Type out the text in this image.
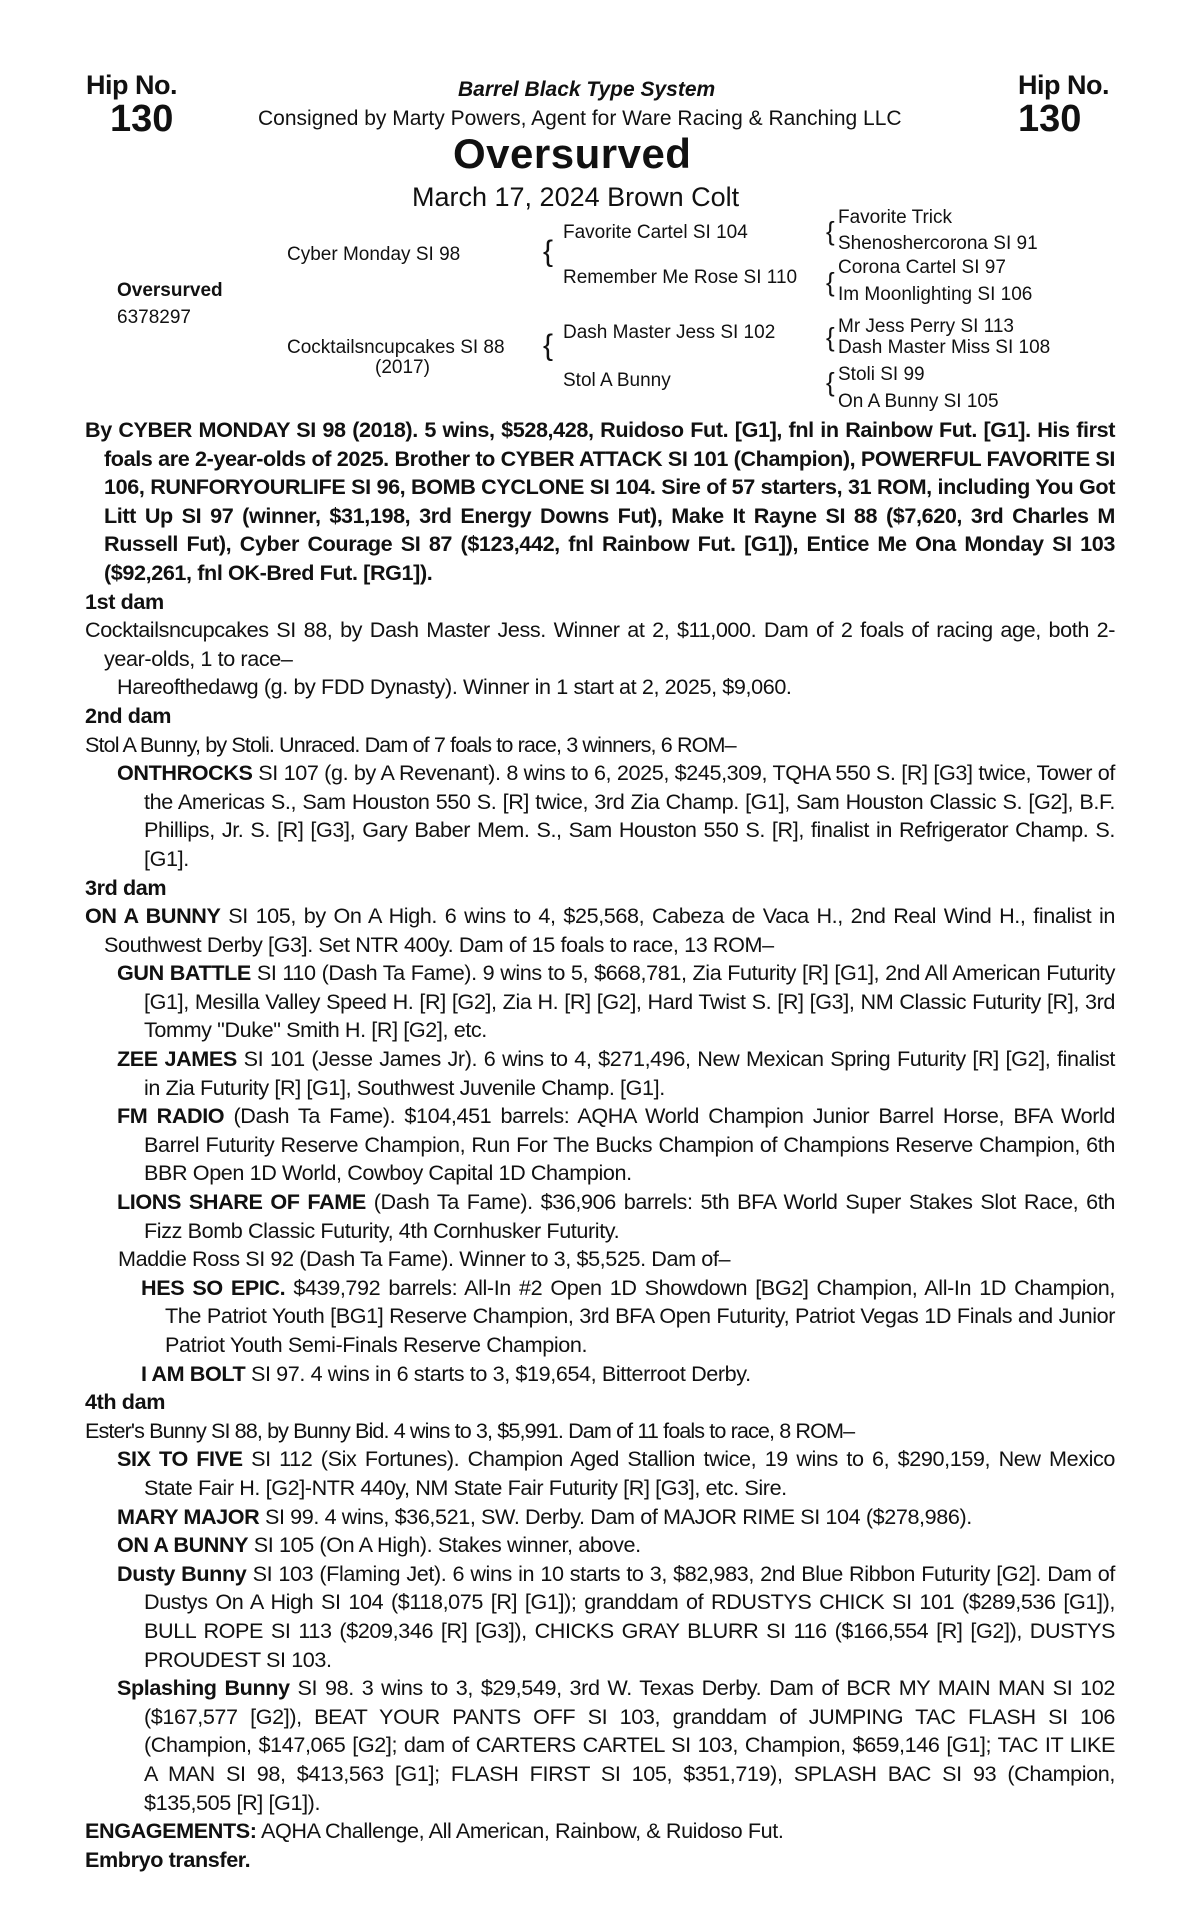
Hip No.
130
Hip No.
130
Barrel Black Type System
Consigned by Marty Powers, Agent for Ware Racing & Ranching LLC
Oversurved
March 17, 2024 Brown Colt
Oversurved
6378297
Cyber Monday SI 98
Cocktailsncupcakes SI 88
(2017)
{
{
Favorite Cartel SI 104
Remember Me Rose SI 110
Dash Master Jess SI 102
Stol A Bunny
{
{
{
{
Favorite Trick
Shenoshercorona SI 91
Corona Cartel SI 97
Im Moonlighting SI 106
Mr Jess Perry SI 113
Dash Master Miss SI 108
Stoli SI 99
On A Bunny SI 105

By CYBER MONDAY SI 98 (2018). 5 wins, $528,428, Ruidoso Fut. [G1], fnl in Rainbow Fut. [G1]. His first foals are 2-year-olds of 2025. Brother to CYBER ATTACK SI 101 (Champion), POWERFUL FAVORITE SI 106, RUNFORYOURLIFE SI 96, BOMB CYCLONE SI 104. Sire of 57 starters, 31 ROM, including You Got Litt Up SI 97 (winner, $31,198, 3rd Energy Downs Fut), Make It Rayne SI 88 ($7,620, 3rd Charles M Russell Fut), Cyber Courage SI 87 ($123,442, fnl Rainbow Fut. [G1]), Entice Me Ona Monday SI 103 ($92,261, fnl OK-Bred Fut. [RG1]).

1st dam

Cocktailsncupcakes SI 88, by Dash Master Jess. Winner at 2, $11,000. Dam of 2 foals of racing age, both 2-year-olds, 1 to race–

Hareofthedawg (g. by FDD Dynasty). Winner in 1 start at 2, 2025, $9,060.

2nd dam

Stol A Bunny, by Stoli. Unraced. Dam of 7 foals to race, 3 winners, 6 ROM–

ONTHROCKS SI 107 (g. by A Revenant). 8 wins to 6, 2025, $245,309, TQHA 550 S. [R] [G3] twice, Tower of the Americas S., Sam Houston 550 S. [R] twice, 3rd Zia Champ. [G1], Sam Houston Classic S. [G2], B.F. Phillips, Jr. S. [R] [G3], Gary Baber Mem. S., Sam Houston 550 S. [R], finalist in Refrigerator Champ. S. [G1].

3rd dam

ON A BUNNY SI 105, by On A High. 6 wins to 4, $25,568, Cabeza de Vaca H., 2nd Real Wind H., finalist in Southwest Derby [G3]. Set NTR 400y. Dam of 15 foals to race, 13 ROM–

GUN BATTLE SI 110 (Dash Ta Fame). 9 wins to 5, $668,781, Zia Futurity [R] [G1], 2nd All American Futurity [G1], Mesilla Valley Speed H. [R] [G2], Zia H. [R] [G2], Hard Twist S. [R] [G3], NM Classic Futurity [R], 3rd Tommy "Duke" Smith H. [R] [G2], etc.

ZEE JAMES SI 101 (Jesse James Jr). 6 wins to 4, $271,496, New Mexican Spring Futurity [R] [G2], finalist in Zia Futurity [R] [G1], Southwest Juvenile Champ. [G1].

FM RADIO (Dash Ta Fame). $104,451 barrels: AQHA World Champion Junior Barrel Horse, BFA World Barrel Futurity Reserve Champion, Run For The Bucks Champion of Champions Reserve Champion, 6th BBR Open 1D World, Cowboy Capital 1D Champion.

LIONS SHARE OF FAME (Dash Ta Fame). $36,906 barrels: 5th BFA World Super Stakes Slot Race, 6th Fizz Bomb Classic Futurity, 4th Cornhusker Futurity.

Maddie Ross SI 92 (Dash Ta Fame). Winner to 3, $5,525. Dam of–

HES SO EPIC. $439,792 barrels: All-In #2 Open 1D Showdown [BG2] Champion, All-In 1D Champion, The Patriot Youth [BG1] Reserve Champion, 3rd BFA Open Futurity, Patriot Vegas 1D Finals and Junior Patriot Youth Semi-Finals Reserve Champion.

I AM BOLT SI 97. 4 wins in 6 starts to 3, $19,654, Bitterroot Derby.

4th dam

Ester's Bunny SI 88, by Bunny Bid. 4 wins to 3, $5,991. Dam of 11 foals to race, 8 ROM–

SIX TO FIVE SI 112 (Six Fortunes). Champion Aged Stallion twice, 19 wins to 6, $290,159, New Mexico State Fair H. [G2]-NTR 440y, NM State Fair Futurity [R] [G3], etc. Sire.

MARY MAJOR SI 99. 4 wins, $36,521, SW. Derby. Dam of MAJOR RIME SI 104 ($278,986).

ON A BUNNY SI 105 (On A High). Stakes winner, above.

Dusty Bunny SI 103 (Flaming Jet). 6 wins in 10 starts to 3, $82,983, 2nd Blue Ribbon Futurity [G2]. Dam of Dustys On A High SI 104 ($118,075 [R] [G1]); granddam of RDUSTYS CHICK SI 101 ($289,536 [G1]), BULL ROPE SI 113 ($209,346 [R] [G3]), CHICKS GRAY BLURR SI 116 ($166,554 [R] [G2]), DUSTYS PROUDEST SI 103.

Splashing Bunny SI 98. 3 wins to 3, $29,549, 3rd W. Texas Derby. Dam of BCR MY MAIN MAN SI 102 ($167,577 [G2]), BEAT YOUR PANTS OFF SI 103, granddam of JUMPING TAC FLASH SI 106 (Champion, $147,065 [G2]; dam of CARTERS CARTEL SI 103, Champion, $659,146 [G1]; TAC IT LIKE A MAN SI 98, $413,563 [G1]; FLASH FIRST SI 105, $351,719), SPLASH BAC SI 93 (Champion, $135,505 [R] [G1]).

ENGAGEMENTS: AQHA Challenge, All American, Rainbow, & Ruidoso Fut.

Embryo transfer.
